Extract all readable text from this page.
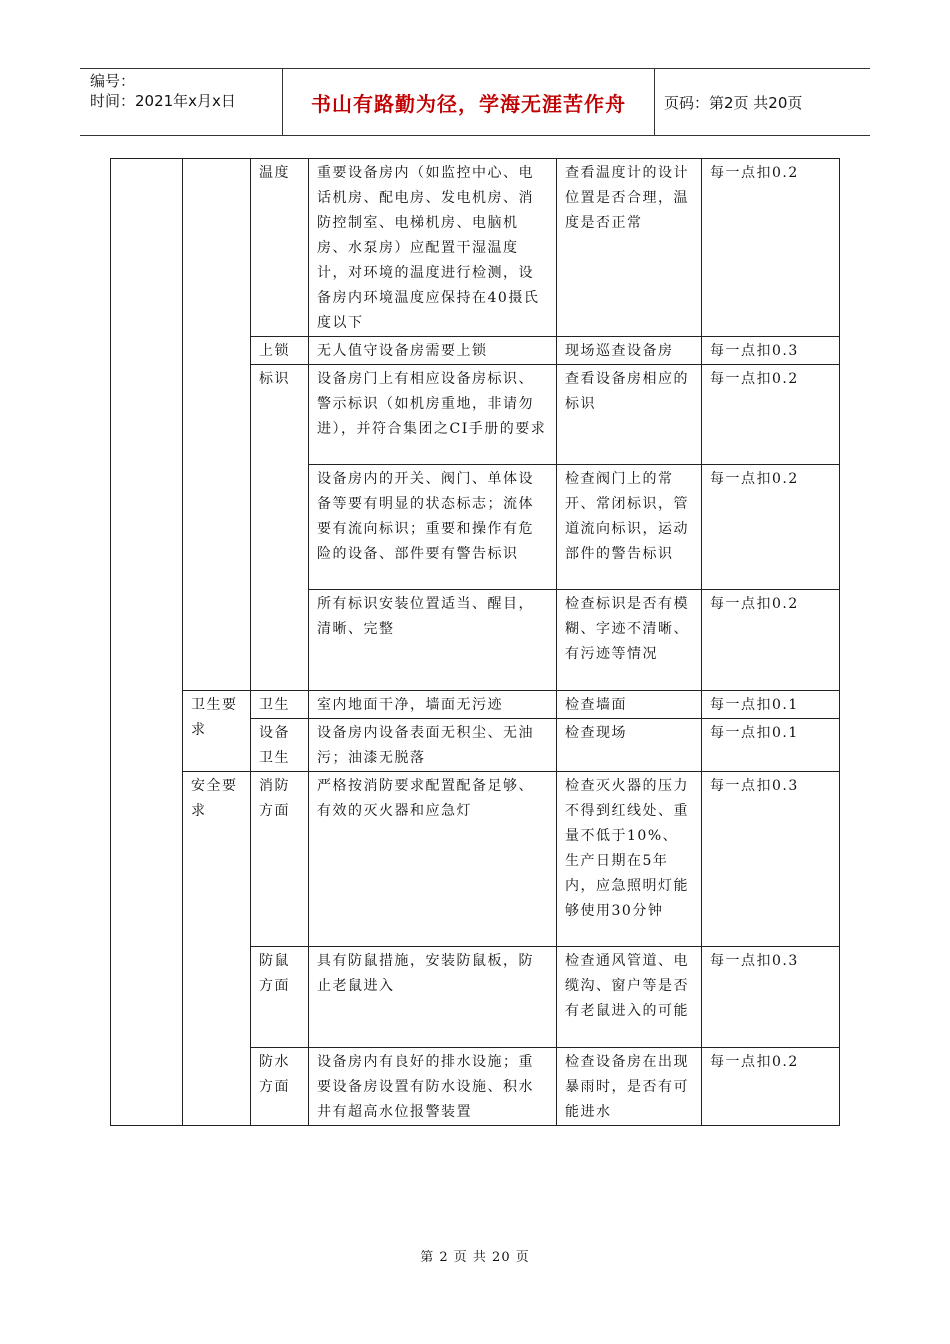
编号：
时间：2021年x月x日	书山有路勤为径，学海无涯苦作舟	页码：第2页 共20页
		温度	重要设备房内（如监控中心、电话机房、配电房、发电机房、消防控制室、电梯机房、电脑机房、水泵房）应配置干湿温度计，对环境的温度进行检测，设备房内环境温度应保持在40摄氏度以下	查看温度计的设计位置是否合理，温度是否正常	每一点扣0.2
		上锁	无人值守设备房需要上锁	现场巡查设备房	每一点扣0.3
		标识	设备房门上有相应设备房标识、警示标识（如机房重地，非请勿进），并符合集团之CI手册的要求	查看设备房相应的标识	每一点扣0.2
			设备房内的开关、阀门、单体设备等要有明显的状态标志；流体要有流向标识；重要和操作有危险的设备、部件要有警告标识	检查阀门上的常开、常闭标识，管道流向标识，运动部件的警告标识	每一点扣0.2
			所有标识安装位置适当、醒目，清晰、完整	检查标识是否有模糊、字迹不清晰、有污迹等情况	每一点扣0.2
	卫生要求	卫生	室内地面干净，墙面无污迹	检查墙面	每一点扣0.1
		设备卫生	设备房内设备表面无积尘、无油污；油漆无脱落	检查现场	每一点扣0.1
	安全要求	消防方面	严格按消防要求配置配备足够、有效的灭火器和应急灯	检查灭火器的压力不得到红线处、重量不低于10%、生产日期在5年内，应急照明灯能够使用30分钟	每一点扣0.3
		防鼠方面	具有防鼠措施，安装防鼠板，防止老鼠进入	检查通风管道、电缆沟、窗户等是否有老鼠进入的可能	每一点扣0.3
		防水方面	设备房内有良好的排水设施；重要设备房设置有防水设施、积水井有超高水位报警装置	检查设备房在出现暴雨时，是否有可能进水	每一点扣0.2
第 2 页 共 20 页
